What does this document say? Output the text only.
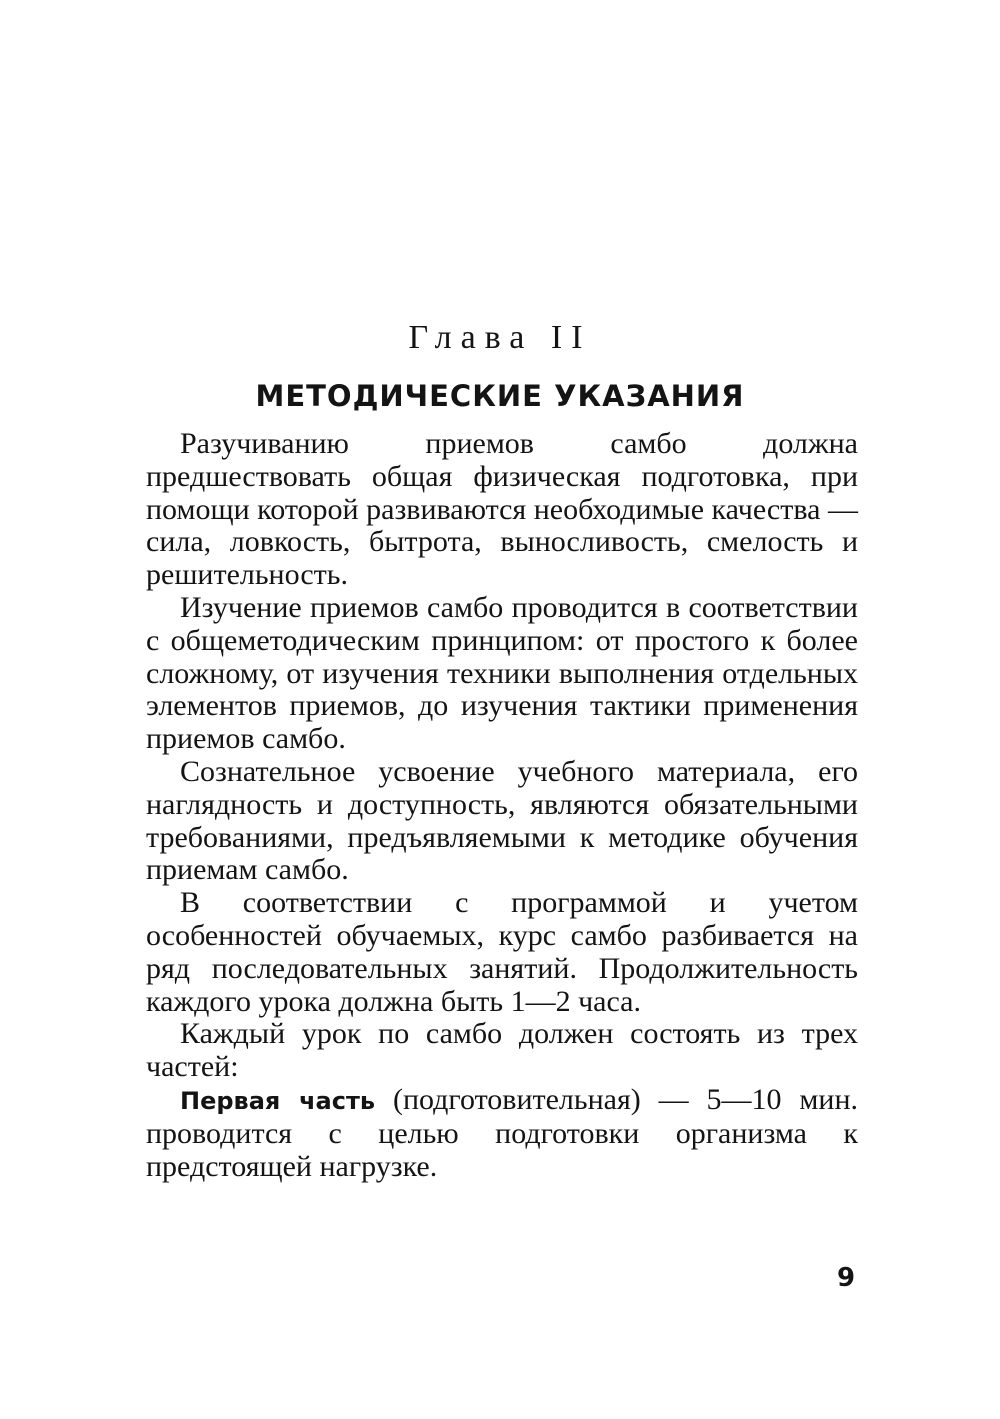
Глава II
МЕТОДИЧЕСКИЕ УКАЗАНИЯ

Разучиванию приемов самбо должна предшествовать общая физическая подготовка, при помощи которой развиваются необходимые качества — сила, ловкость, бытрота, выносливость, смелость и решительность.

Изучение приемов самбо проводится в соответствии с общеметодическим принципом: от простого к более сложному, от изучения техники выполнения отдельных элементов приемов, до изучения тактики применения приемов самбо.

Сознательное усвоение учебного материала, его наглядность и доступность, являются обязательными требованиями, предъявляемыми к методике обучения приемам самбо.

В соответствии с программой и учетом особенностей обучаемых, курс самбо разбивается на ряд последовательных занятий. Продолжительность каждого урока должна быть 1—2 часа.

Каждый урок по самбо должен состоять из трех частей:

Первая часть (подготовительная) — 5—10 мин. проводится с целью подготовки организма к предстоящей нагрузке.

9
